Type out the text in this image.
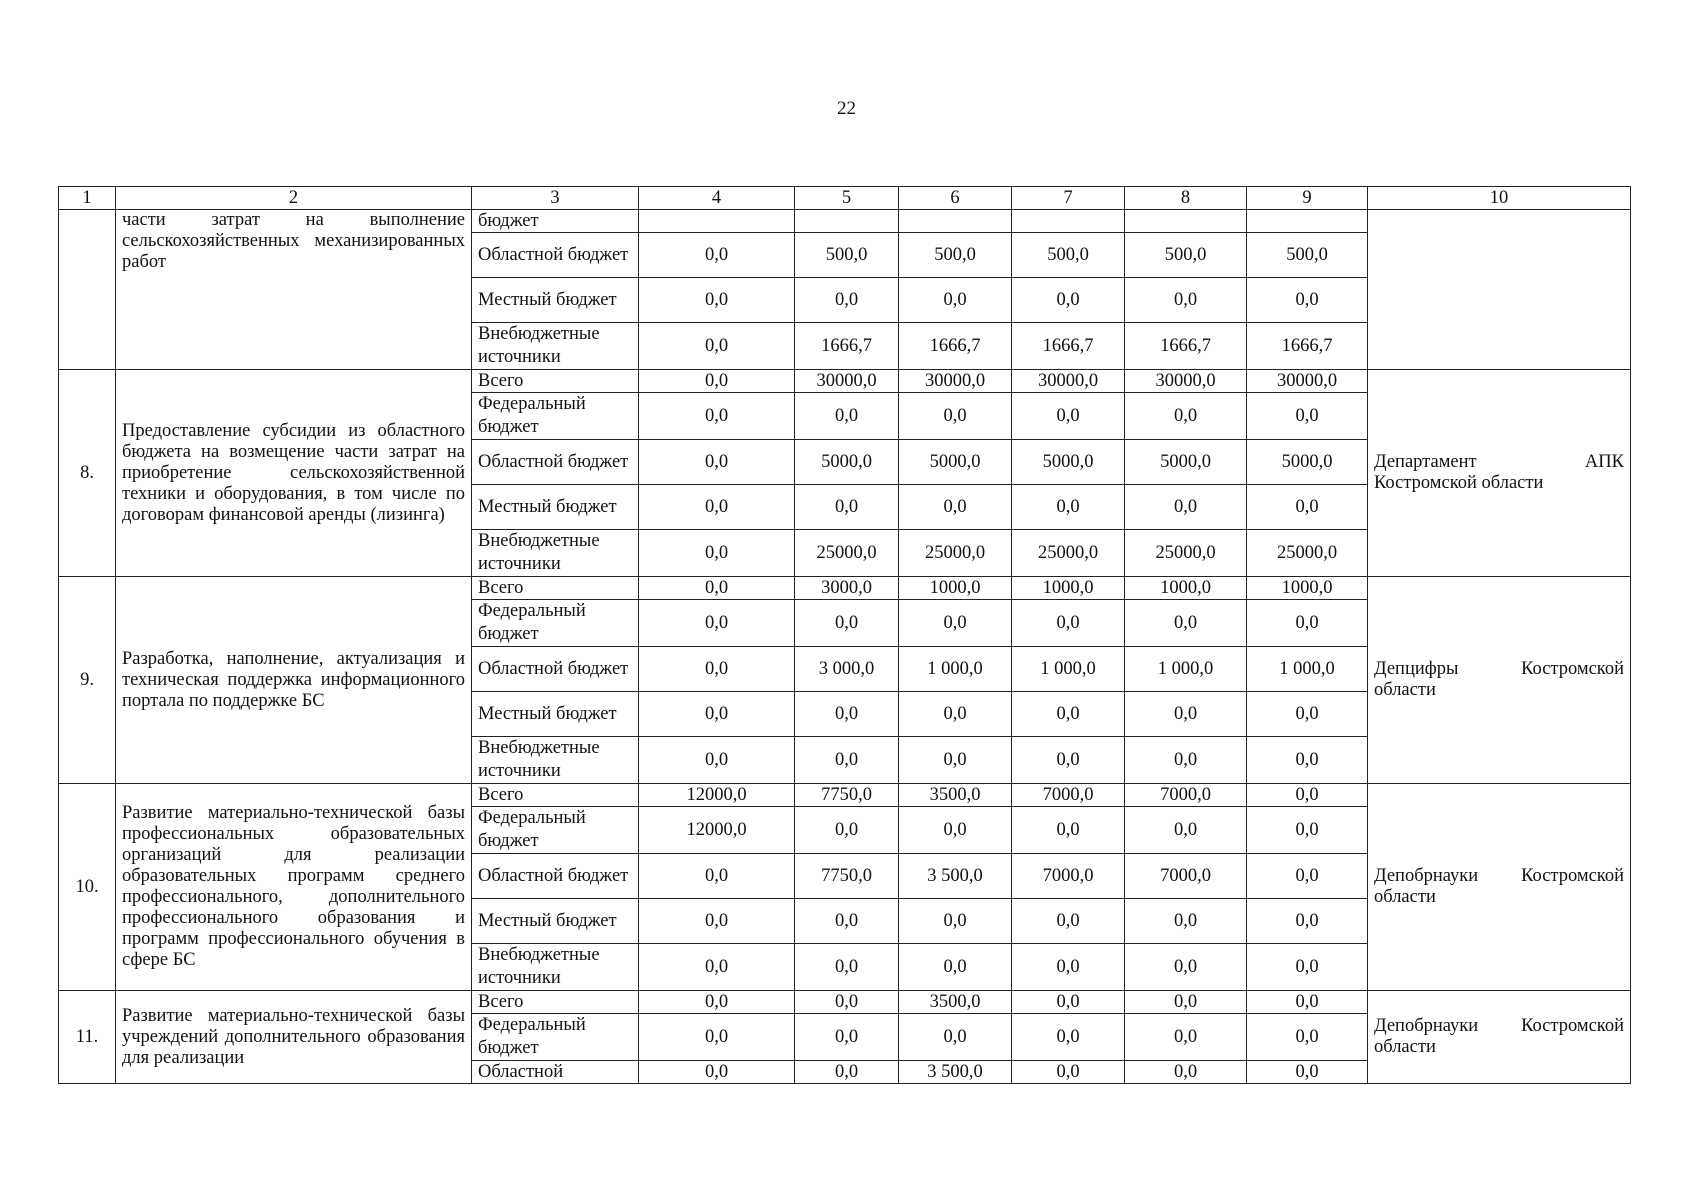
22
1	2	3	4	5	6	7	8	9	10
	части затрат на выполнение сельскохозяйственных механизированных работ	бюджет							
		Областной бюджет	0,0	500,0	500,0	500,0	500,0	500,0	
		Местный бюджет	0,0	0,0	0,0	0,0	0,0	0,0	
		Внебюджетные источники	0,0	1666,7	1666,7	1666,7	1666,7	1666,7	
8.	Предоставление субсидии из областного бюджета на возмещение части затрат на приобретение сельскохозяйственной техники и оборудования, в том числе по договорам финансовой аренды (лизинга)	Всего	0,0	30000,0	30000,0	30000,0	30000,0	30000,0	Департамент АПК Костромской области
		Федеральный бюджет	0,0	0,0	0,0	0,0	0,0	0,0	
		Областной бюджет	0,0	5000,0	5000,0	5000,0	5000,0	5000,0	
		Местный бюджет	0,0	0,0	0,0	0,0	0,0	0,0	
		Внебюджетные источники	0,0	25000,0	25000,0	25000,0	25000,0	25000,0	
9.	Разработка, наполнение, актуализация и техническая поддержка информационного портала по поддержке БС	Всего	0,0	3000,0	1000,0	1000,0	1000,0	1000,0	Депцифры Костромской области
		Федеральный бюджет	0,0	0,0	0,0	0,0	0,0	0,0	
		Областной бюджет	0,0	3 000,0	1 000,0	1 000,0	1 000,0	1 000,0	
		Местный бюджет	0,0	0,0	0,0	0,0	0,0	0,0	
		Внебюджетные источники	0,0	0,0	0,0	0,0	0,0	0,0	
10.	Развитие материально-технической базы профессиональных образовательных организаций для реализации образовательных программ среднего профессионального, дополнительного профессионального образования и программ профессионального обучения в сфере БС	Всего	12000,0	7750,0	3500,0	7000,0	7000,0	0,0	Депобрнауки Костромской области
		Федеральный бюджет	12000,0	0,0	0,0	0,0	0,0	0,0	
		Областной бюджет	0,0	7750,0	3 500,0	7000,0	7000,0	0,0	
		Местный бюджет	0,0	0,0	0,0	0,0	0,0	0,0	
		Внебюджетные источники	0,0	0,0	0,0	0,0	0,0	0,0	
11.	Развитие материально-технической базы учреждений дополнительного образования для реализации	Всего	0,0	0,0	3500,0	0,0	0,0	0,0	Депобрнауки Костромской области
		Федеральный бюджет	0,0	0,0	0,0	0,0	0,0	0,0	
		Областной	0,0	0,0	3 500,0	0,0	0,0	0,0	
